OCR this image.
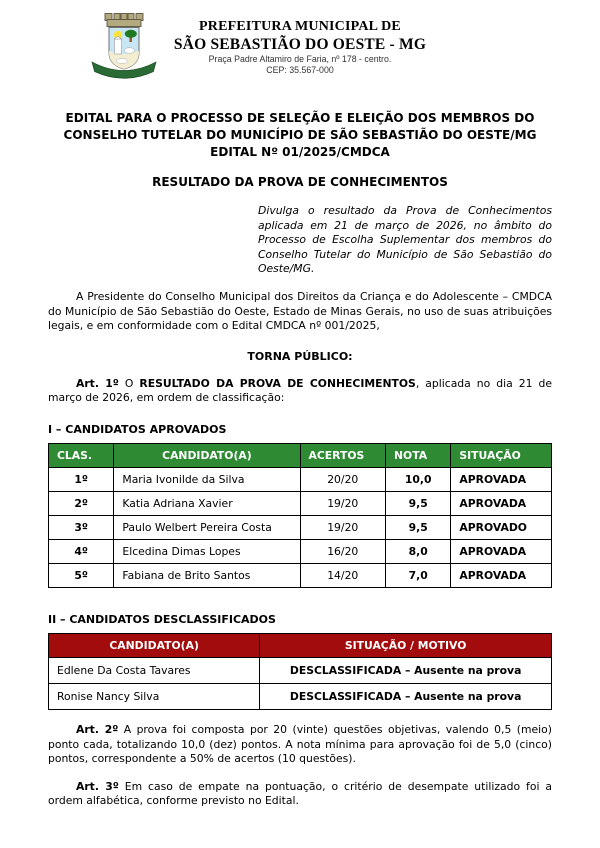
PREFEITURA MUNICIPAL DE
SÃO SEBASTIÃO DO OESTE - MG
Praça Padre Altamiro de Faria, nº 178 - centro.
CEP: 35.567-000
EDITAL PARA O PROCESSO DE SELEÇÃO E ELEIÇÃO DOS MEMBROS DO
CONSELHO TUTELAR DO MUNICÍPIO DE SÃO SEBASTIÃO DO OESTE/MG
EDITAL Nº 01/2025/CMDCA
RESULTADO DA PROVA DE CONHECIMENTOS

Divulga o resultado da Prova de Conhecimentos aplicada em 21 de março de 2026, no âmbito do Processo de Escolha Suplementar dos membros do Conselho Tutelar do Município de São Sebastião do Oeste/MG.

A Presidente do Conselho Municipal dos Direitos da Criança e do Adolescente – CMDCA do Município de São Sebastião do Oeste, Estado de Minas Gerais, no uso de suas atribuições legais, e em conformidade com o Edital CMDCA nº 001/2025,

TORNA PÚBLICO:

Art. 1º O RESULTADO DA PROVA DE CONHECIMENTOS, aplicada no dia 21 de março de 2026, em ordem de classificação:

I – CANDIDATOS APROVADOS
CLAS.	CANDIDATO(A)	ACERTOS	NOTA	SITUAÇÃO
1º	Maria Ivonilde da Silva	20/20	10,0	APROVADA
2º	Katia Adriana Xavier	19/20	9,5	APROVADA
3º	Paulo Welbert Pereira Costa	19/20	9,5	APROVADO
4º	Elcedina Dimas Lopes	16/20	8,0	APROVADA
5º	Fabiana de Brito Santos	14/20	7,0	APROVADA
II – CANDIDATOS DESCLASSIFICADOS
CANDIDATO(A)	SITUAÇÃO / MOTIVO
Edlene Da Costa Tavares	DESCLASSIFICADA – Ausente na prova
Ronise Nancy Silva	DESCLASSIFICADA – Ausente na prova

Art. 2º A prova foi composta por 20 (vinte) questões objetivas, valendo 0,5 (meio) ponto cada, totalizando 10,0 (dez) pontos. A nota mínima para aprovação foi de 5,0 (cinco) pontos, correspondente a 50% de acertos (10 questões).

Art. 3º Em caso de empate na pontuação, o critério de desempate utilizado foi a ordem alfabética, conforme previsto no Edital.
